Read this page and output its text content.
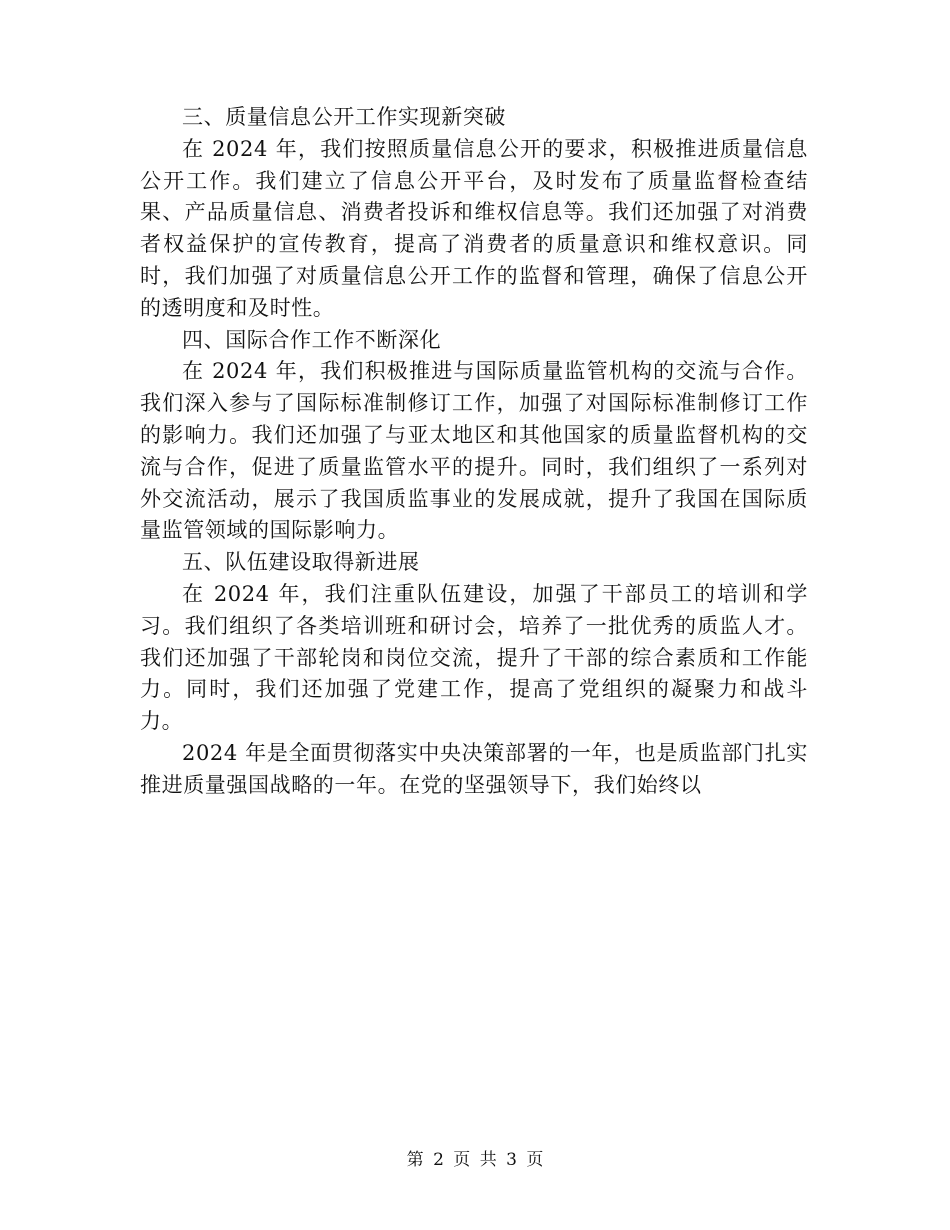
三、质量信息公开工作实现新突破

在 2024 年，我们按照质量信息公开的要求，积极推进质量信息公开工作。我们建立了信息公开平台，及时发布了质量监督检查结果、产品质量信息、消费者投诉和维权信息等。我们还加强了对消费者权益保护的宣传教育，提高了消费者的质量意识和维权意识。同时，我们加强了对质量信息公开工作的监督和管理，确保了信息公开的透明度和及时性。

四、国际合作工作不断深化

在 2024 年，我们积极推进与国际质量监管机构的交流与合作。我们深入参与了国际标准制修订工作，加强了对国际标准制修订工作的影响力。我们还加强了与亚太地区和其他国家的质量监督机构的交流与合作，促进了质量监管水平的提升。同时，我们组织了一系列对外交流活动，展示了我国质监事业的发展成就，提升了我国在国际质量监管领域的国际影响力。

五、队伍建设取得新进展

在 2024 年，我们注重队伍建设，加强了干部员工的培训和学习。我们组织了各类培训班和研讨会，培养了一批优秀的质监人才。我们还加强了干部轮岗和岗位交流，提升了干部的综合素质和工作能力。同时，我们还加强了党建工作，提高了党组织的凝聚力和战斗力。

2024 年是全面贯彻落实中央决策部署的一年，也是质监部门扎实推进质量强国战略的一年。在党的坚强领导下，我们始终以

第 2 页 共 3 页
